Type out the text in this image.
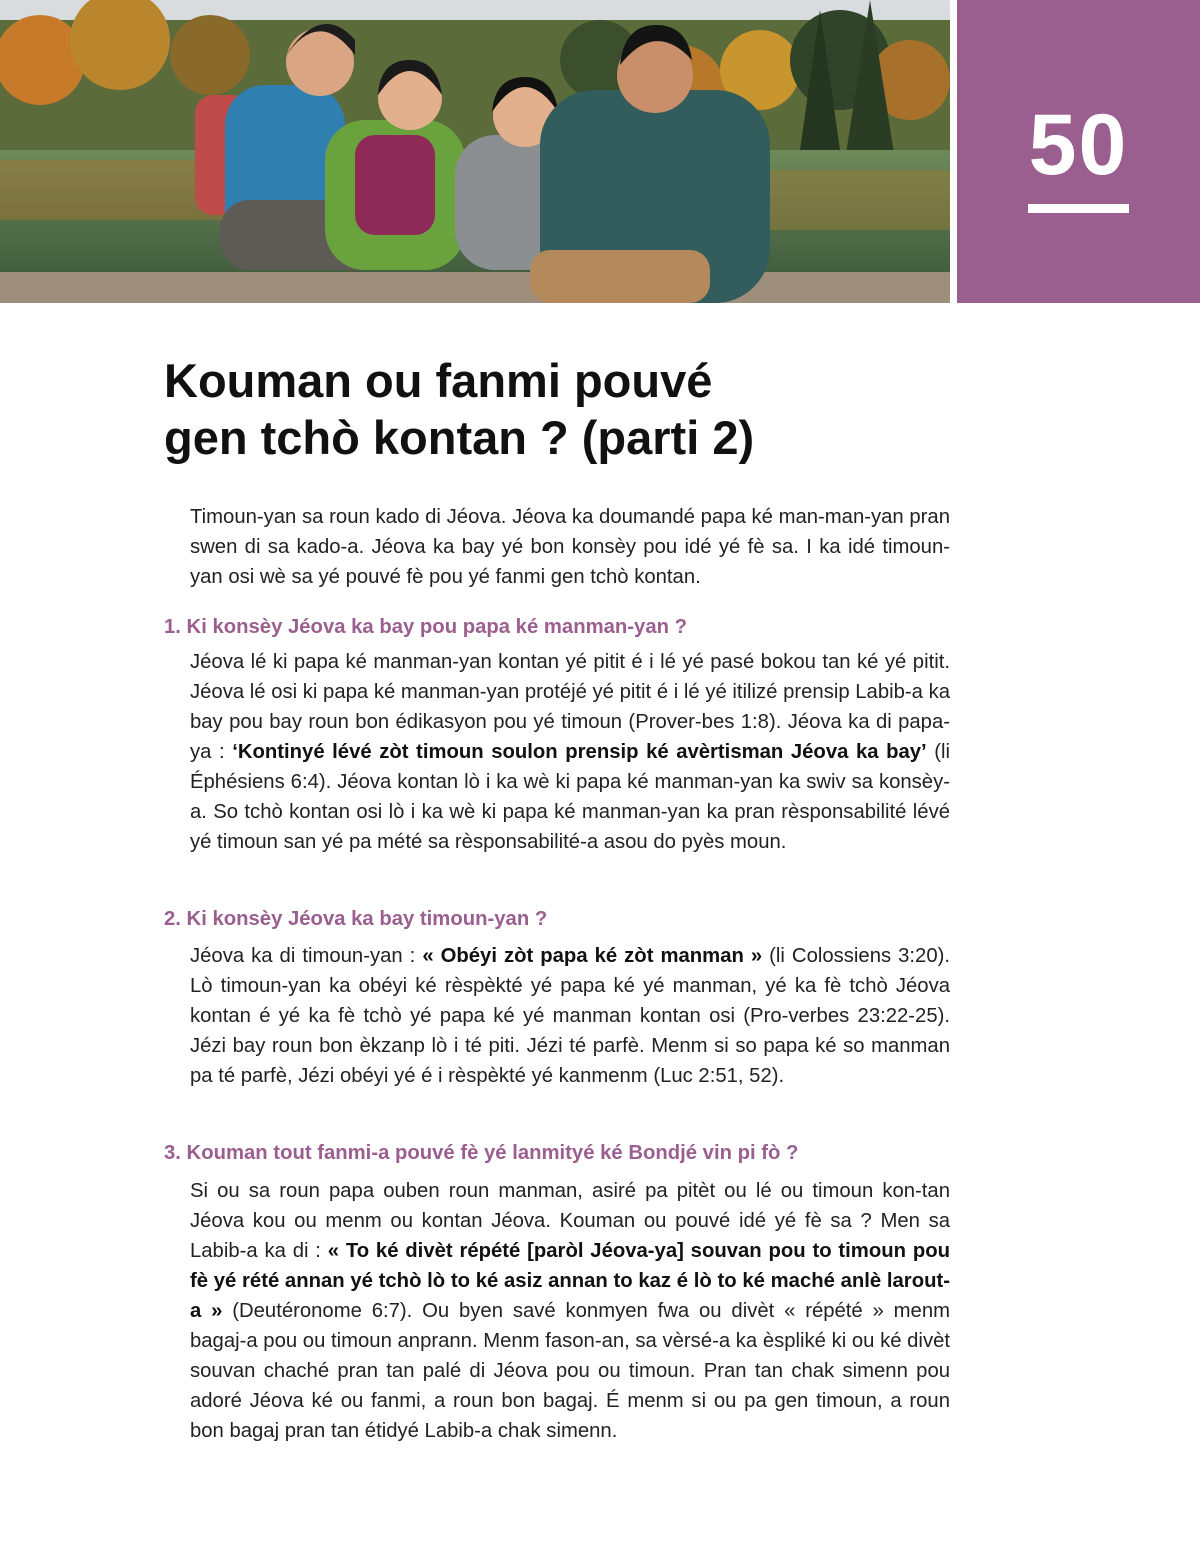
50
Kouman ou fanmi pouvé
gen tchò kontan ? (parti 2)

Timoun-yan sa roun kado di Jéova. Jéova ka doumandé papa ké man-man-yan pran swen di sa kado-a. Jéova ka bay yé bon konsèy pou idé yé fè sa. I ka idé timoun-yan osi wè sa yé pouvé fè pou yé fanmi gen tchò kontan.

1. Ki konsèy Jéova ka bay pou papa ké manman-yan ?

Jéova lé ki papa ké manman-yan kontan yé pitit é i lé yé pasé bokou tan ké yé pitit. Jéova lé osi ki papa ké manman-yan protéjé yé pitit é i lé yé itilizé prensip Labib-a ka bay pou bay roun bon édikasyon pou yé timoun (Prover-bes 1:8). Jéova ka di papa-ya : ‘Kontinyé lévé zòt timoun soulon prensip ké avèrtisman Jéova ka bay’ (li Éphésiens 6:4). Jéova kontan lò i ka wè ki papa ké manman-yan ka swiv sa konsèy-a. So tchò kontan osi lò i ka wè ki papa ké manman-yan ka pran rèsponsabilité lévé yé timoun san yé pa mété sa rèsponsabilité-a asou do pyès moun.

2. Ki konsèy Jéova ka bay timoun-yan ?

Jéova ka di timoun-yan : « Obéyi zòt papa ké zòt manman » (li Colossiens 3:20). Lò timoun-yan ka obéyi ké rèspèkté yé papa ké yé manman, yé ka fè tchò Jéova kontan é yé ka fè tchò yé papa ké yé manman kontan osi (Pro-verbes 23:22-25). Jézi bay roun bon èkzanp lò i té piti. Jézi té parfè. Menm si so papa ké so manman pa té parfè, Jézi obéyi yé é i rèspèkté yé kanmenm (Luc 2:51, 52).

3. Kouman tout fanmi-a pouvé fè yé lanmityé ké Bondjé vin pi fò ?

Si ou sa roun papa ouben roun manman, asiré pa pitèt ou lé ou timoun kon-tan Jéova kou ou menm ou kontan Jéova. Kouman ou pouvé idé yé fè sa ? Men sa Labib-a ka di : « To ké divèt répété [paròl Jéova-ya] souvan pou to timoun pou fè yé rété annan yé tchò lò to ké asiz annan to kaz é lò to ké maché anlè larout-a » (Deutéronome 6:7). Ou byen savé konmyen fwa ou divèt « répété » menm bagaj-a pou ou timoun anprann. Menm fason-an, sa vèrsé-a ka èspliké ki ou ké divèt souvan chaché pran tan palé di Jéova pou ou timoun. Pran tan chak simenn pou adoré Jéova ké ou fanmi, a roun bon bagaj. É menm si ou pa gen timoun, a roun bon bagaj pran tan étidyé Labib-a chak simenn.
